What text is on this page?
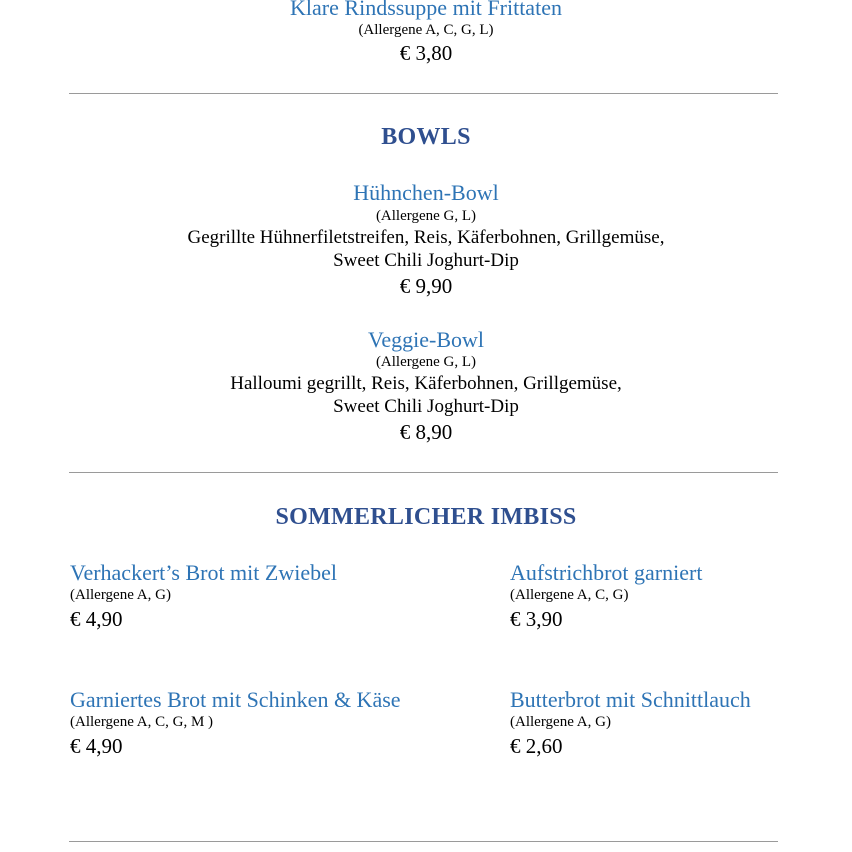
Klare Rindssuppe mit Frittaten
(Allergene A, C, G, L)
€ 3,80
BOWLS
Hühnchen-Bowl
(Allergene G, L)
Gegrillte Hühnerfiletstreifen, Reis, Käferbohnen, Grillgemüse,
Sweet Chili Joghurt-Dip
€ 9,90
Veggie-Bowl
(Allergene G, L)
Halloumi gegrillt, Reis, Käferbohnen, Grillgemüse,
Sweet Chili Joghurt-Dip
€ 8,90
SOMMERLICHER IMBISS
Verhackert’s Brot mit Zwiebel
(Allergene A, G)
€ 4,90
Aufstrichbrot garniert
(Allergene A, C, G)
€ 3,90
Garniertes Brot mit Schinken & Käse
(Allergene A, C, G, M )
€ 4,90
Butterbrot mit Schnittlauch
(Allergene A, G)
€ 2,60
